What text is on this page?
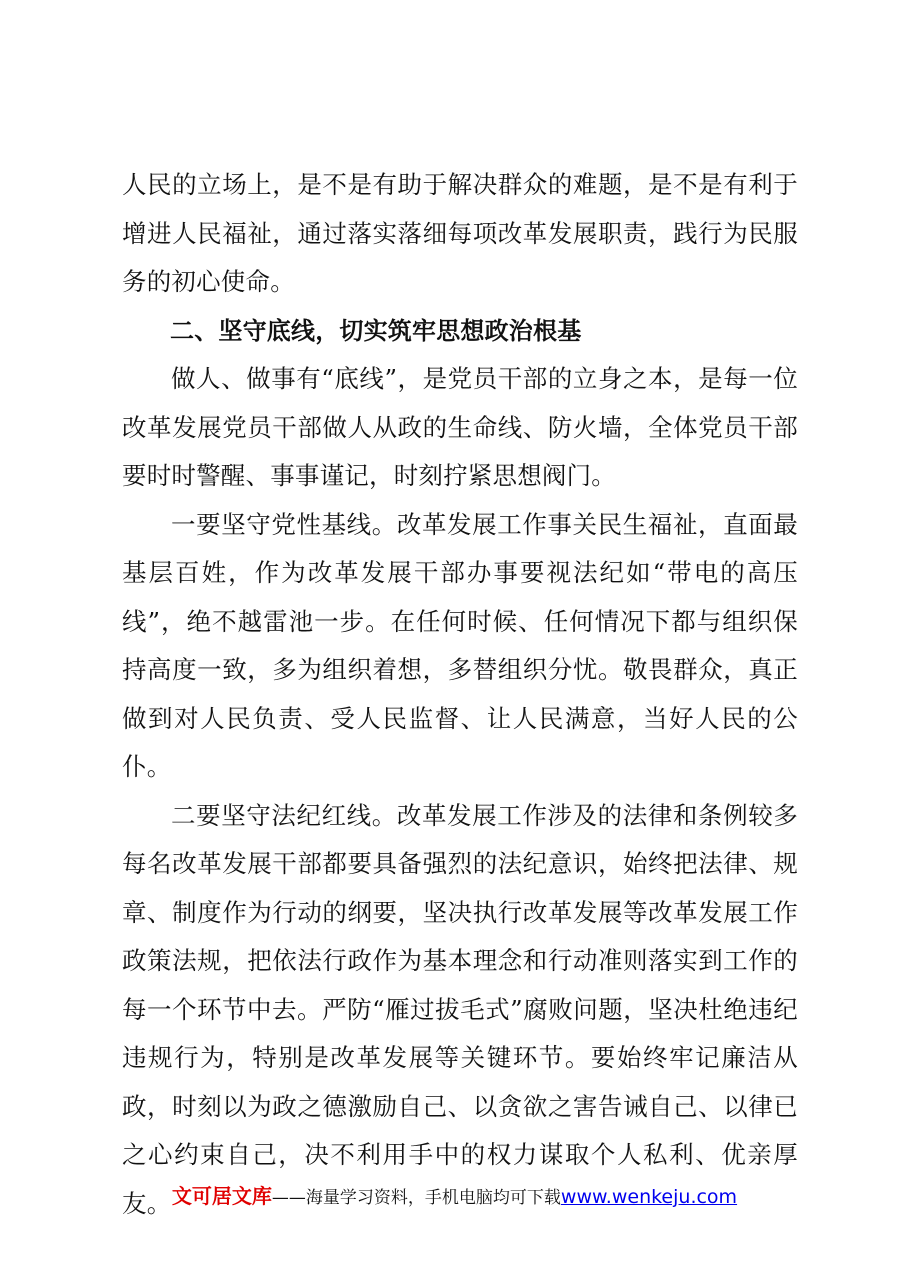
人民的立场上，是不是有助于解决群众的难题，是不是有利于增进人民福祉，通过落实落细每项改革发展职责，践行为民服务的初心使命。

二、坚守底线，切实筑牢思想政治根基

做人、做事有“底线”，是党员干部的立身之本，是每一位改革发展党员干部做人从政的生命线、防火墙，全体党员干部要时时警醒、事事谨记，时刻拧紧思想阀门。

一要坚守党性基线。改革发展工作事关民生福祉，直面最基层百姓，作为改革发展干部办事要视法纪如“带电的高压线”，绝不越雷池一步。在任何时候、任何情况下都与组织保持高度一致，多为组织着想，多替组织分忧。敬畏群众，真正做到对人民负责、受人民监督、让人民满意，当好人民的公仆。

二要坚守法纪红线。改革发展工作涉及的法律和条例较多每名改革发展干部都要具备强烈的法纪意识，始终把法律、规章、制度作为行动的纲要，坚决执行改革发展等改革发展工作政策法规，把依法行政作为基本理念和行动准则落实到工作的每一个环节中去。严防“雁过拔毛式”腐败问题，坚决杜绝违纪违规行为，特别是改革发展等关键环节。要始终牢记廉洁从政，时刻以为政之德激励自己、以贪欲之害告诫自己、以律已之心约束自己，决不利用手中的权力谋取个人私利、优亲厚友。 文可居文库——海量学习资料，手机电脑均可下载www.wenkeju.com
